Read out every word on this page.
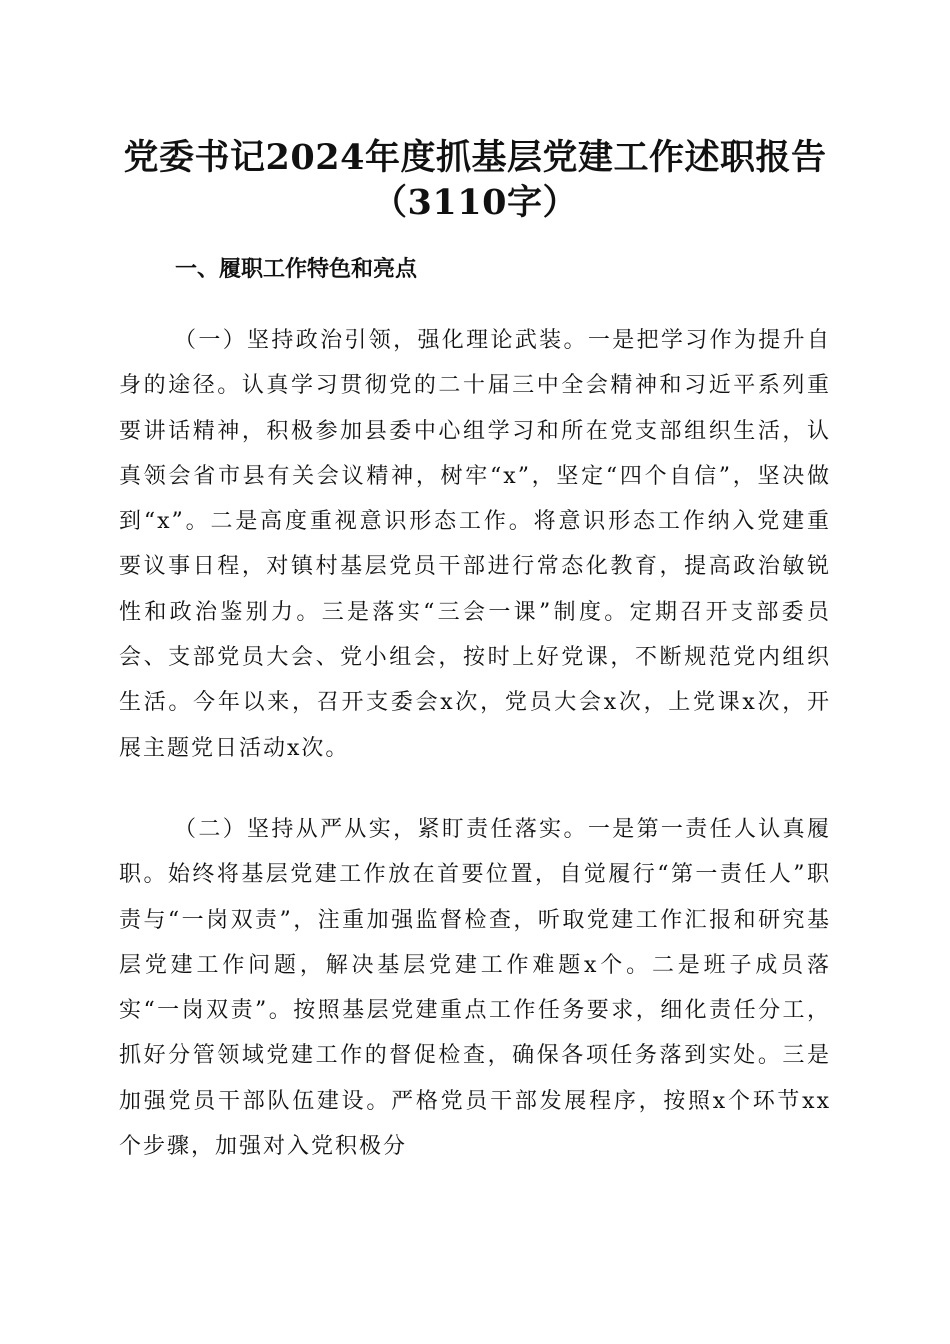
党委书记2024年度抓基层党建工作述职报告
（3110字）
一、履职工作特色和亮点

（一）坚持政治引领，强化理论武装。一是把学习作为提升自身的途径。认真学习贯彻党的二十届三中全会精神和习近平系列重要讲话精神，积极参加县委中心组学习和所在党支部组织生活，认真领会省市县有关会议精神，树牢“x”，坚定“四个自信”，坚决做到“x”。二是高度重视意识形态工作。将意识形态工作纳入党建重要议事日程，对镇村基层党员干部进行常态化教育，提高政治敏锐性和政治鉴别力。三是落实“三会一课”制度。定期召开支部委员会、支部党员大会、党小组会，按时上好党课，不断规范党内组织生活。今年以来，召开支委会x次，党员大会x次，上党课x次，开展主题党日活动x次。

（二）坚持从严从实，紧盯责任落实。一是第一责任人认真履职。始终将基层党建工作放在首要位置，自觉履行“第一责任人”职责与“一岗双责”，注重加强监督检查，听取党建工作汇报和研究基层党建工作问题，解决基层党建工作难题x个。二是班子成员落实“一岗双责”。按照基层党建重点工作任务要求，细化责任分工，抓好分管领域党建工作的督促检查，确保各项任务落到实处。三是加强党员干部队伍建设。严格党员干部发展程序，按照x个环节xx个步骤，加强对入党积极分
